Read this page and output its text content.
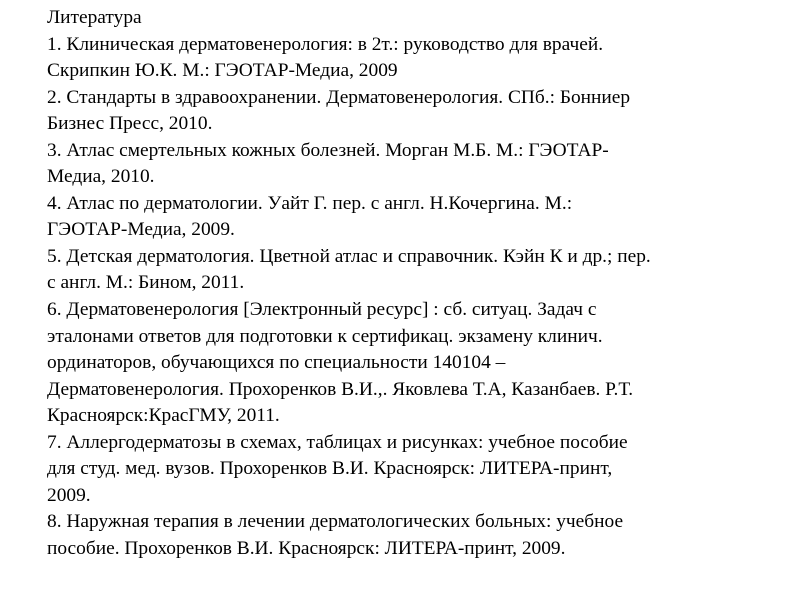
Литература
1. Клиническая дерматовенерология: в 2т.: руководство для врачей.
Скрипкин Ю.К. М.: ГЭОТАР-Медиа, 2009
2. Стандарты в здравоохранении. Дерматовенерология. СПб.: Бонниер
Бизнес Пресс, 2010.
3. Атлас смертельных кожных болезней. Морган М.Б. М.: ГЭОТАР-
Медиа, 2010.
4. Атлас по дерматологии. Уайт Г. пер. с англ. Н.Кочергина. М.:
ГЭОТАР-Медиа, 2009.
5. Детская дерматология. Цветной атлас и справочник. Кэйн К и др.; пер.
с англ. М.: Бином, 2011.
6. Дерматовенерология [Электронный ресурс] : сб. ситуац. Задач с
эталонами ответов для подготовки к сертификац. экзамену клинич.
ординаторов, обучающихся по специальности 140104 –
Дерматовенерология. Прохоренков В.И.,. Яковлева Т.А, Казанбаев. Р.Т.
Красноярск:КрасГМУ, 2011.
7. Аллергодерматозы в схемах, таблицах и рисунках: учебное пособие
для студ. мед. вузов. Прохоренков В.И. Красноярск: ЛИТЕРА-принт,
2009.
8. Наружная терапия в лечении дерматологических больных: учебное
пособие. Прохоренков В.И. Красноярск: ЛИТЕРА-принт, 2009.
